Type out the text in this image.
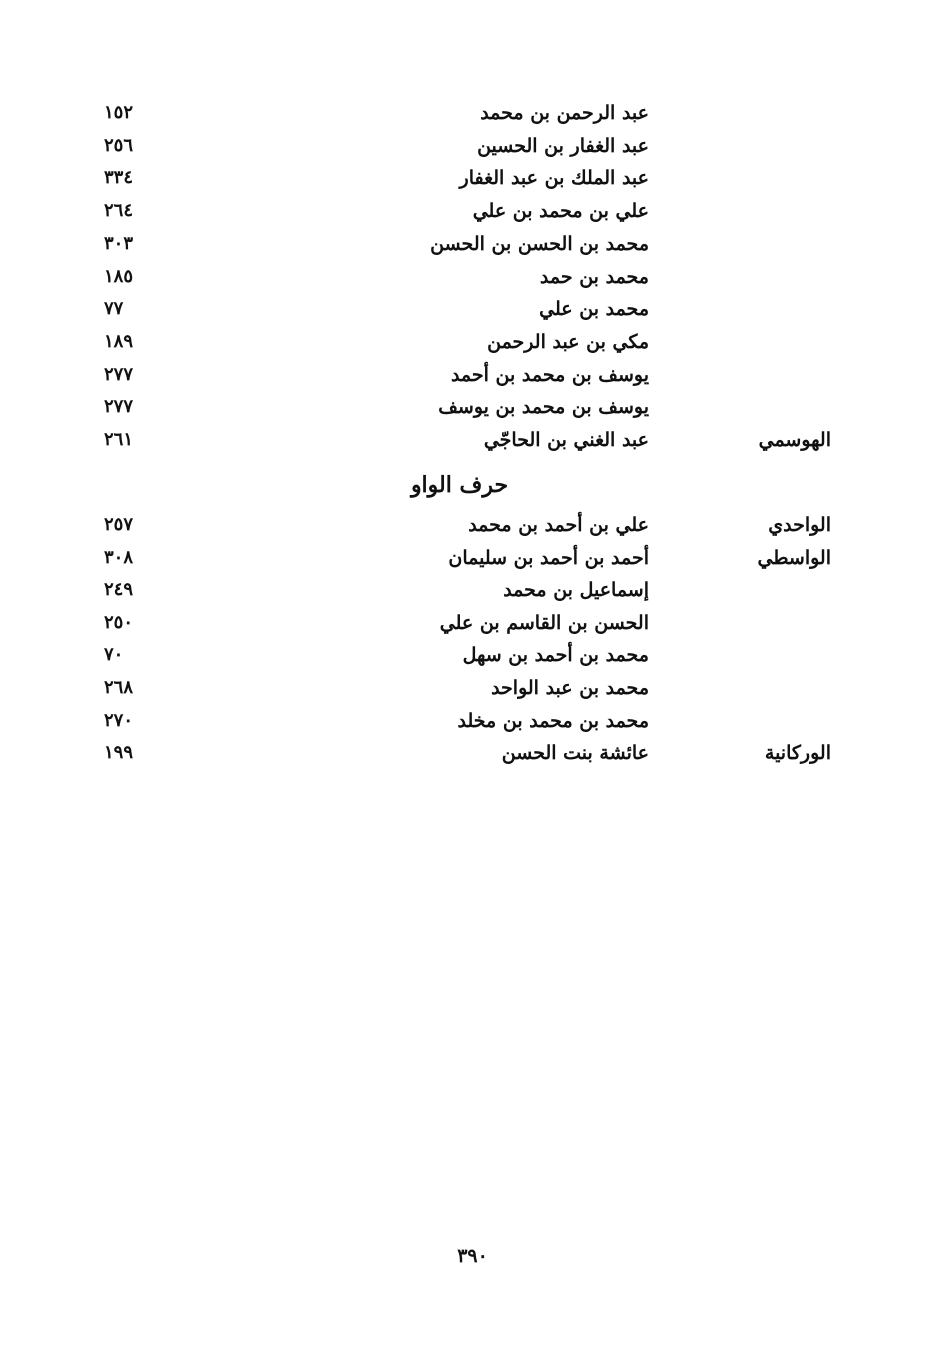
عبد الرحمن بن محمد
١٥٢
عبد الغفار بن الحسين
٢٥٦
عبد الملك بن عبد الغفار
٣٣٤
علي بن محمد بن علي
٢٦٤
محمد بن الحسن بن الحسن
٣٠٣
محمد بن حمد
١٨٥
محمد بن علي
٧٧
مكي بن عبد الرحمن
١٨٩
يوسف بن محمد بن أحمد
٢٧٧
يوسف بن محمد بن يوسف
٢٧٧
الهوسمي
عبد الغني بن الحاجّي
٢٦١
حرف الواو
الواحدي
علي بن أحمد بن محمد
٢٥٧
الواسطي
أحمد بن أحمد بن سليمان
٣٠٨
إسماعيل بن محمد
٢٤٩
الحسن بن القاسم بن علي
٢٥٠
محمد بن أحمد بن سهل
٧٠
محمد بن عبد الواحد
٢٦٨
محمد بن محمد بن مخلد
٢٧٠
الوركانية
عائشة بنت الحسن
١٩٩
٣٩٠
